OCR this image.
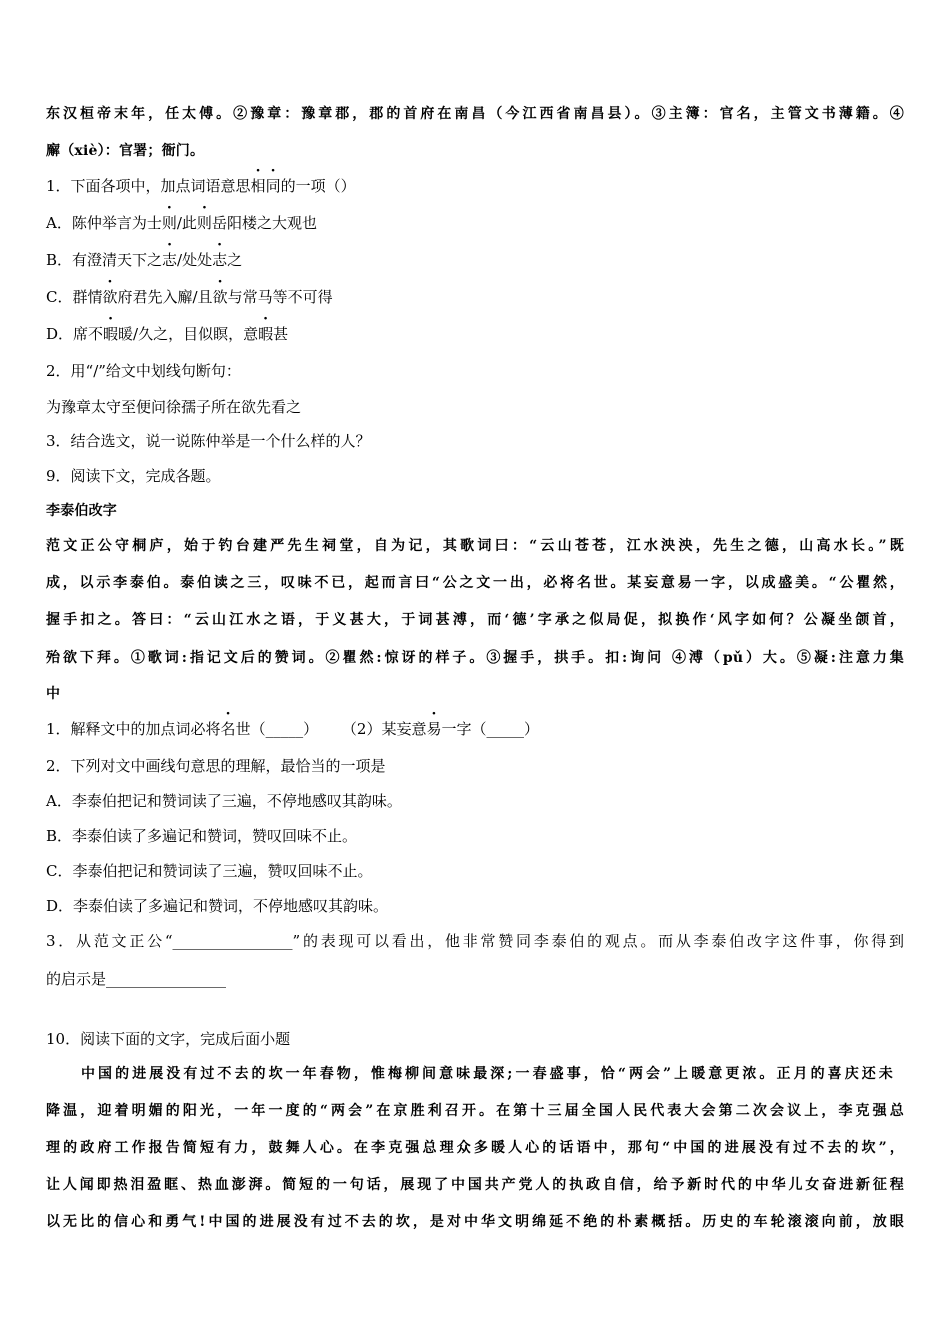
东汉桓帝末年，任太傅。②豫章：豫章郡，郡的首府在南昌（今江西省南昌县）。③主簿：官名，主管文书薄籍。④
廨（xiè）：官署；衙门。
1．下面各项中，加点词语意思相同的一项（）
A．陈仲举言为士则/此则岳阳楼之大观也
B．有澄清天下之志/处处志之
C．群情欲府君先入廨/且欲与常马等不可得
D．席不暇暖/久之，目似瞑，意暇甚
2．用“/”给文中划线句断句：
为豫章太守至便问徐孺子所在欲先看之
3．结合选文，说一说陈仲举是一个什么样的人？
9．阅读下文，完成各题。
李泰伯改字
范文正公守桐庐，始于钓台建严先生祠堂，自为记，其歌词曰：“云山苍苍，江水泱泱，先生之德，山高水长。”既
成，以示李泰伯。泰伯读之三，叹味不已，起而言曰“公之文一出，必将名世。某妄意易一字，以成盛美。“公瞿然，
握手扣之。答曰：“云山江水之语，于义甚大，于词甚溥，而‘德’字承之似局促，拟换作‘风字如何？公凝坐颌首，
殆欲下拜。①歌词:指记文后的赞词。②瞿然:惊讶的样子。③握手，拱手。扣:询问 ④溥（pǔ）大。⑤凝:注意力集
中
1．解释文中的加点词必将名世（_____）     （2）某妄意易一字（_____）
2．下列对文中画线句意思的理解，最恰当的一项是
A．李泰伯把记和赞词读了三遍，不停地感叹其韵味。
B．李泰伯读了多遍记和赞词，赞叹回味不止。
C．李泰伯把记和赞词读了三遍，赞叹回味不止。
D．李泰伯读了多遍记和赞词，不停地感叹其韵味。
3．从范文正公“________________”的表现可以看出，他非常赞同李泰伯的观点。而从李泰伯改字这件事，你得到
的启示是________________
10．阅读下面的文字，完成后面小题
中国的进展没有过不去的坎一年春物，惟梅柳间意味最深;一春盛事，恰“两会”上暖意更浓。正月的喜庆还未
降温，迎着明媚的阳光，一年一度的“两会”在京胜利召开。在第十三届全国人民代表大会第二次会议上，李克强总
理的政府工作报告简短有力，鼓舞人心。在李克强总理众多暖人心的话语中，那句“中国的进展没有过不去的坎”，
让人闻即热泪盈眶、热血澎湃。简短的一句话，展现了中国共产党人的执政自信，给予新时代的中华儿女奋进新征程
以无比的信心和勇气!中国的进展没有过不去的坎，是对中华文明绵延不绝的朴素概括。历史的车轮滚滚向前，放眼
